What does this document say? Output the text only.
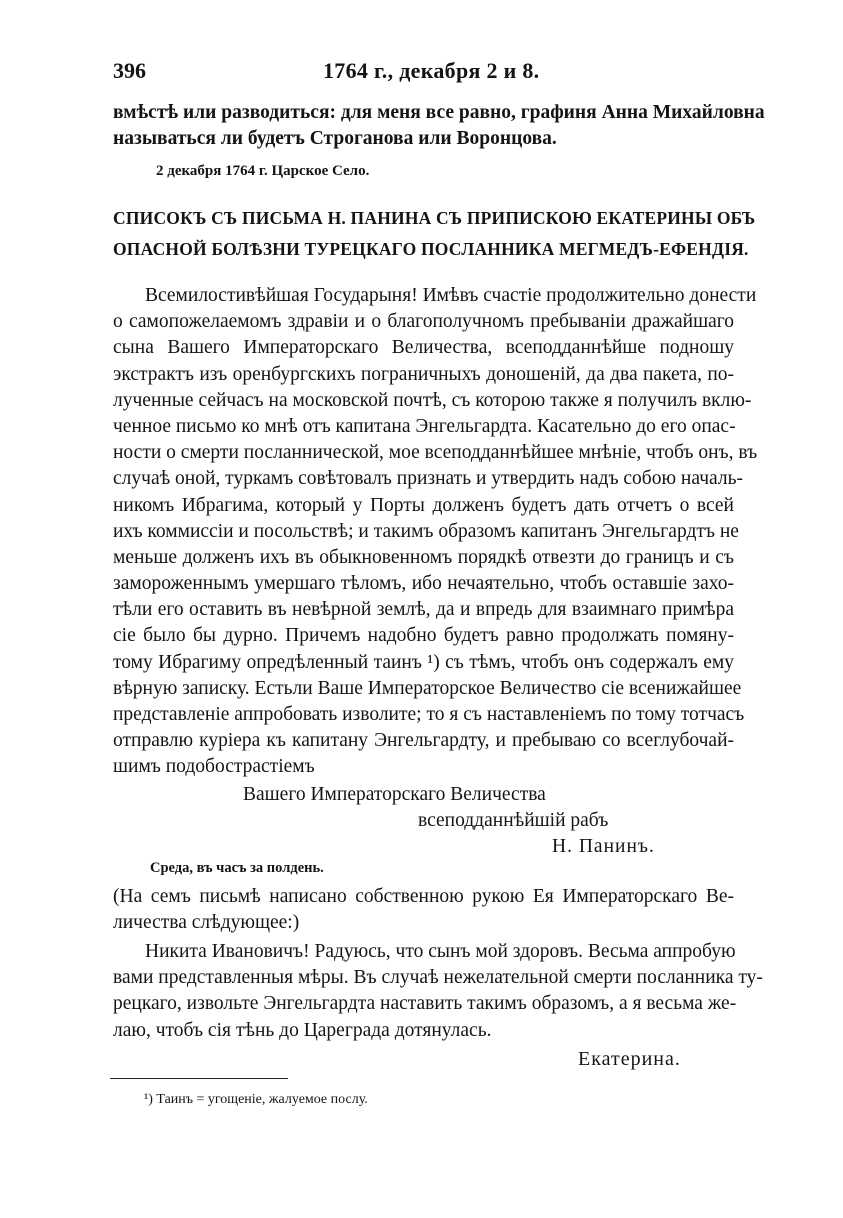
396	1764 г., декабря 2 и 8.
вмѣстѣ или разводиться: для меня все равно, графиня Анна Михайловна
называться ли будетъ Строганова или Воронцова.
2 декабря 1764 г. Царское Село.
СПИСОКЪ СЪ ПИСЬМА Н. ПАНИНА СЪ ПРИПИСКОЮ ЕКАТЕРИНЫ ОБЪ
ОПАСНОЙ БОЛѢЗНИ ТУРЕЦКАГО ПОСЛАННИКА МЕГМЕДЪ-ЕФЕНДІЯ.
Всемилостивѣйшая Государыня! Имѣвъ счастіе продолжительно донести
о самопожелаемомъ здравіи и о благополучномъ пребываніи дражайшаго
сына Вашего Императорскаго Величества, всеподданнѣйше подношу
экстрактъ изъ оренбургскихъ пограничныхъ доношеній, да два пакета, по-
лученные сейчасъ на московской почтѣ, съ которою также я получилъ вклю-
ченное письмо ко мнѣ отъ капитана Энгельгардта. Касательно до его опас-
ности о смерти посланнической, мое всеподданнѣйшее мнѣніе, чтобъ онъ, въ
случаѣ оной, туркамъ совѣтовалъ признать и утвердить надъ собою началь-
никомъ Ибрагима, который у Порты долженъ будетъ дать отчетъ о всей
ихъ коммиссіи и посольствѣ; и такимъ образомъ капитанъ Энгельгардтъ не
меньше долженъ ихъ въ обыкновенномъ порядкѣ отвезти до границъ и съ
замороженнымъ умершаго тѣломъ, ибо нечаятельно, чтобъ оставшіе захо-
тѣли его оставить въ невѣрной землѣ, да и впредь для взаимнаго примѣра
сіе было бы дурно. Причемъ надобно будетъ равно продолжать помяну-
тому Ибрагиму опредѣленный таинъ ¹) съ тѣмъ, чтобъ онъ содержалъ ему
вѣрную записку. Естьли Ваше Императорское Величество сіе всенижайшее
представленіе аппробовать изволите; то я съ наставленіемъ по тому тотчасъ
отправлю куріера къ капитану Энгельгардту, и пребываю со всеглубочай-
шимъ подобострастіемъ
Вашего Императорскаго Величества
всеподданнѣйшій рабъ
Н. Панинъ.
Среда, въ часъ за полдень.
(На семъ письмѣ написано собственною рукою Ея Императорскаго Ве-
личества слѣдующее:)
Никита Ивановичъ! Радуюсь, что сынъ мой здоровъ. Весьма аппробую
вами представленныя мѣры. Въ случаѣ нежелательной смерти посланника ту-
рецкаго, извольте Энгельгардта наставить такимъ образомъ, а я весьма же-
лаю, чтобъ сія тѣнь до Цареграда дотянулась.
Екатерина.
¹) Таинъ = угощеніе, жалуемое послу.
